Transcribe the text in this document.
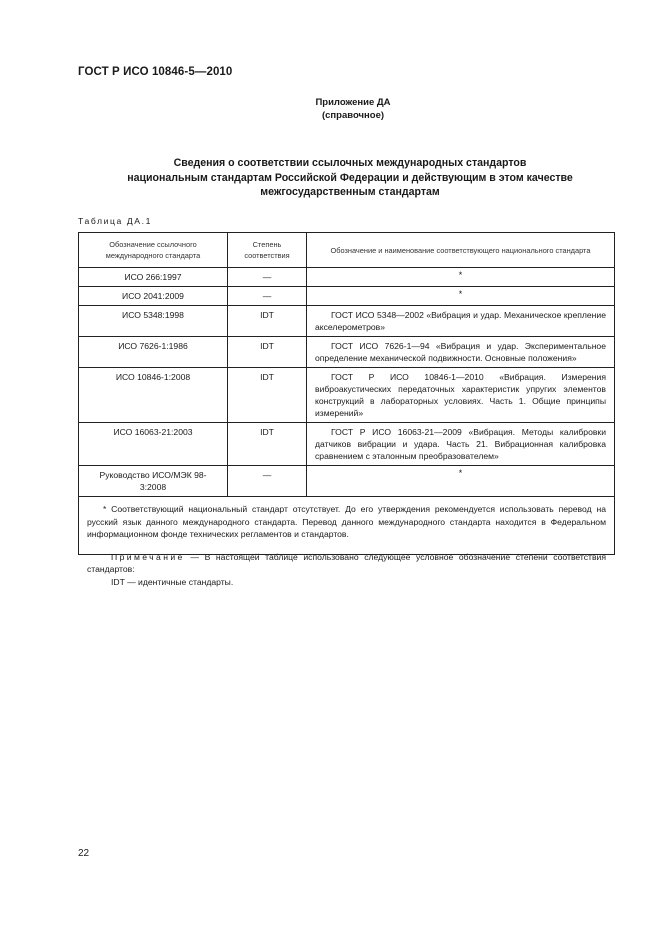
ГОСТ Р ИСО 10846-5—2010
Приложение ДА
(справочное)
Сведения о соответствии ссылочных международных стандартов
национальным стандартам Российской Федерации и действующим в этом качестве
межгосударственным стандартам
Таблица ДА.1
Обозначение ссылочного международного стандарта	Степень соответствия	Обозначение и наименование соответствующего национального стандарта
ИСО 266:1997	—	*
ИСО 2041:2009	—	*
ИСО 5348:1998	IDT	ГОСТ ИСО 5348—2002 «Вибрация и удар. Механическое крепление акселерометров»
ИСО 7626-1:1986	IDT	ГОСТ ИСО 7626-1—94 «Вибрация и удар. Экспериментальное определение механической подвижности. Основные положения»
ИСО 10846-1:2008	IDT	ГОСТ Р ИСО 10846-1—2010 «Вибрация. Измерения виброакустических передаточных характеристик упругих элементов конструкций в лабораторных условиях. Часть 1. Общие принципы измерений»
ИСО 16063-21:2003	IDT	ГОСТ Р ИСО 16063-21—2009 «Вибрация. Методы калибровки датчиков вибрации и удара. Часть 21. Вибрационная калибровка сравнением с эталонным преобразователем»
Руководство ИСО/МЭК 98-3:2008	—	*

* Соответствующий национальный стандарт отсутствует. До его утверждения рекомендуется использовать перевод на русский язык данного международного стандарта. Перевод данного международного стандарта находится в Федеральном информационном фонде технических регламентов и стандартов.

Примечание — В настоящей таблице использовано следующее условное обозначение степени соответствия стандартов:

IDT — идентичные стандарты.

22
